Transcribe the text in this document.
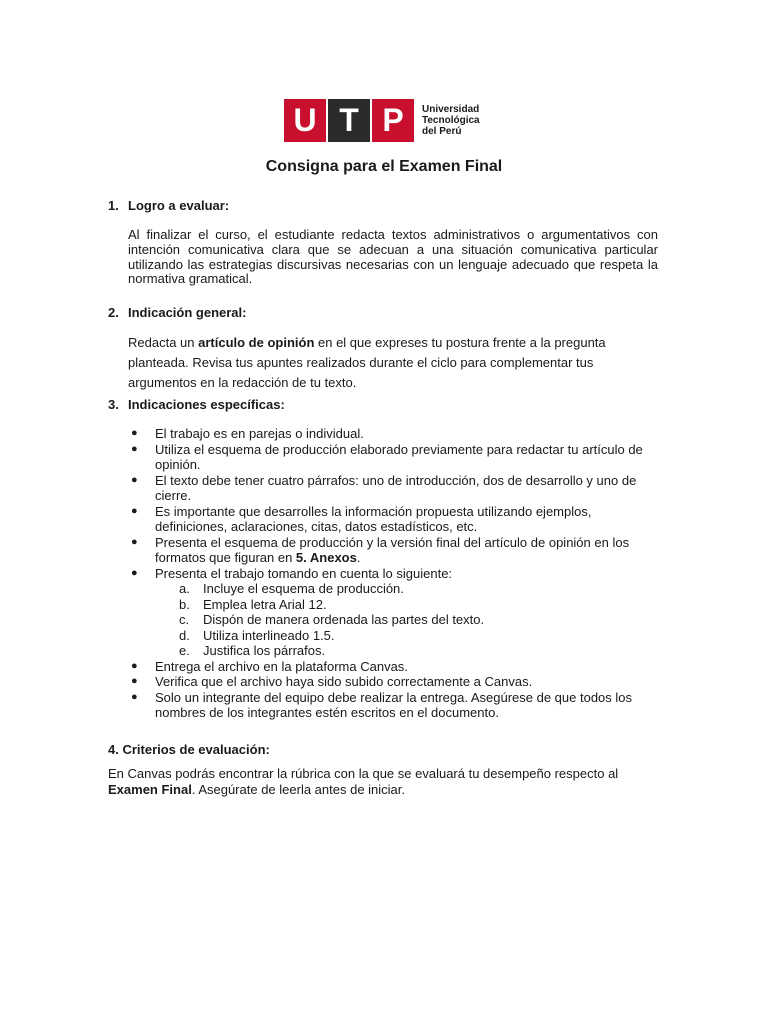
U T P	Universidad
Tecnológica
del Perú
Consigna para el Examen Final
1. Logro a evaluar:
Al finalizar el curso, el estudiante redacta textos administrativos o argumentativos con intención comunicativa clara que se adecuan a una situación comunicativa particular utilizando las estrategias discursivas necesarias con un lenguaje adecuado que respeta la normativa gramatical.
2. Indicación general:
Redacta un artículo de opinión en el que expreses tu postura frente a la pregunta planteada. Revisa tus apuntes realizados durante el ciclo para complementar tus argumentos en la redacción de tu texto.
3. Indicaciones específicas:
● El trabajo es en parejas o individual.
● Utiliza el esquema de producción elaborado previamente para redactar tu artículo de opinión.
● El texto debe tener cuatro párrafos: uno de introducción, dos de desarrollo y uno de cierre.
● Es importante que desarrolles la información propuesta utilizando ejemplos, definiciones, aclaraciones, citas, datos estadísticos, etc.
● Presenta el esquema de producción y la versión final del artículo de opinión en los formatos que figuran en 5. Anexos.
● Presenta el trabajo tomando en cuenta lo siguiente:
a. Incluye el esquema de producción.
b. Emplea letra Arial 12.
c. Dispón de manera ordenada las partes del texto.
d. Utiliza interlineado 1.5.
e. Justifica los párrafos.
● Entrega el archivo en la plataforma Canvas.
● Verifica que el archivo haya sido subido correctamente a Canvas.
● Solo un integrante del equipo debe realizar la entrega. Asegúrese de que todos los nombres de los integrantes estén escritos en el documento.
4. Criterios de evaluación:
En Canvas podrás encontrar la rúbrica con la que se evaluará tu desempeño respecto al Examen Final. Asegúrate de leerla antes de iniciar.
